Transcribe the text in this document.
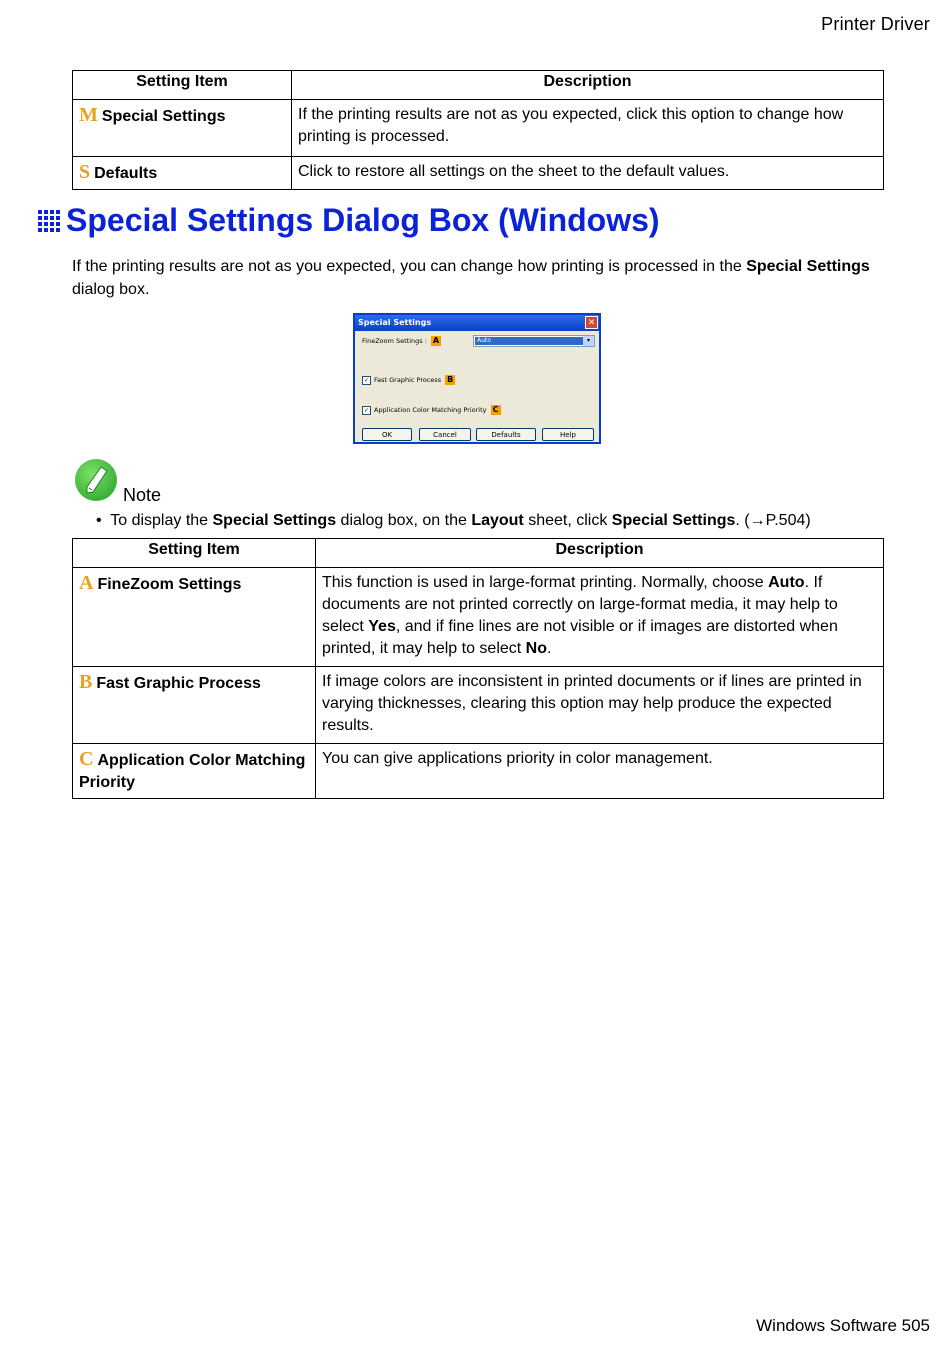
Printer Driver
Setting Item	Description
M Special Settings	If the printing results are not as you expected, click this option to change how printing is processed.
S Defaults	Click to restore all settings on the sheet to the default values.
Special Settings Dialog Box (Windows)
If the printing results are not as you expected, you can change how printing is processed in the Special Settings dialog box.
Special Settings	✕
FineZoom Settings : A	Auto	▾
✓ Fast Graphic Process B
✓ Application Color Matching Priority C
OK	Cancel	Defaults	Help
Note
• To display the Special Settings dialog box, on the Layout sheet, click Special Settings. (→P.504)
Setting Item	Description
A FineZoom Settings	This function is used in large-format printing. Normally, choose Auto. If documents are not printed correctly on large-format media, it may help to select Yes, and if fine lines are not visible or if images are distorted when printed, it may help to select No.
B Fast Graphic Process	If image colors are inconsistent in printed documents or if lines are printed in varying thicknesses, clearing this option may help produce the expected results.
C Application Color Matching Priority	You can give applications priority in color management.
Windows Software 505
